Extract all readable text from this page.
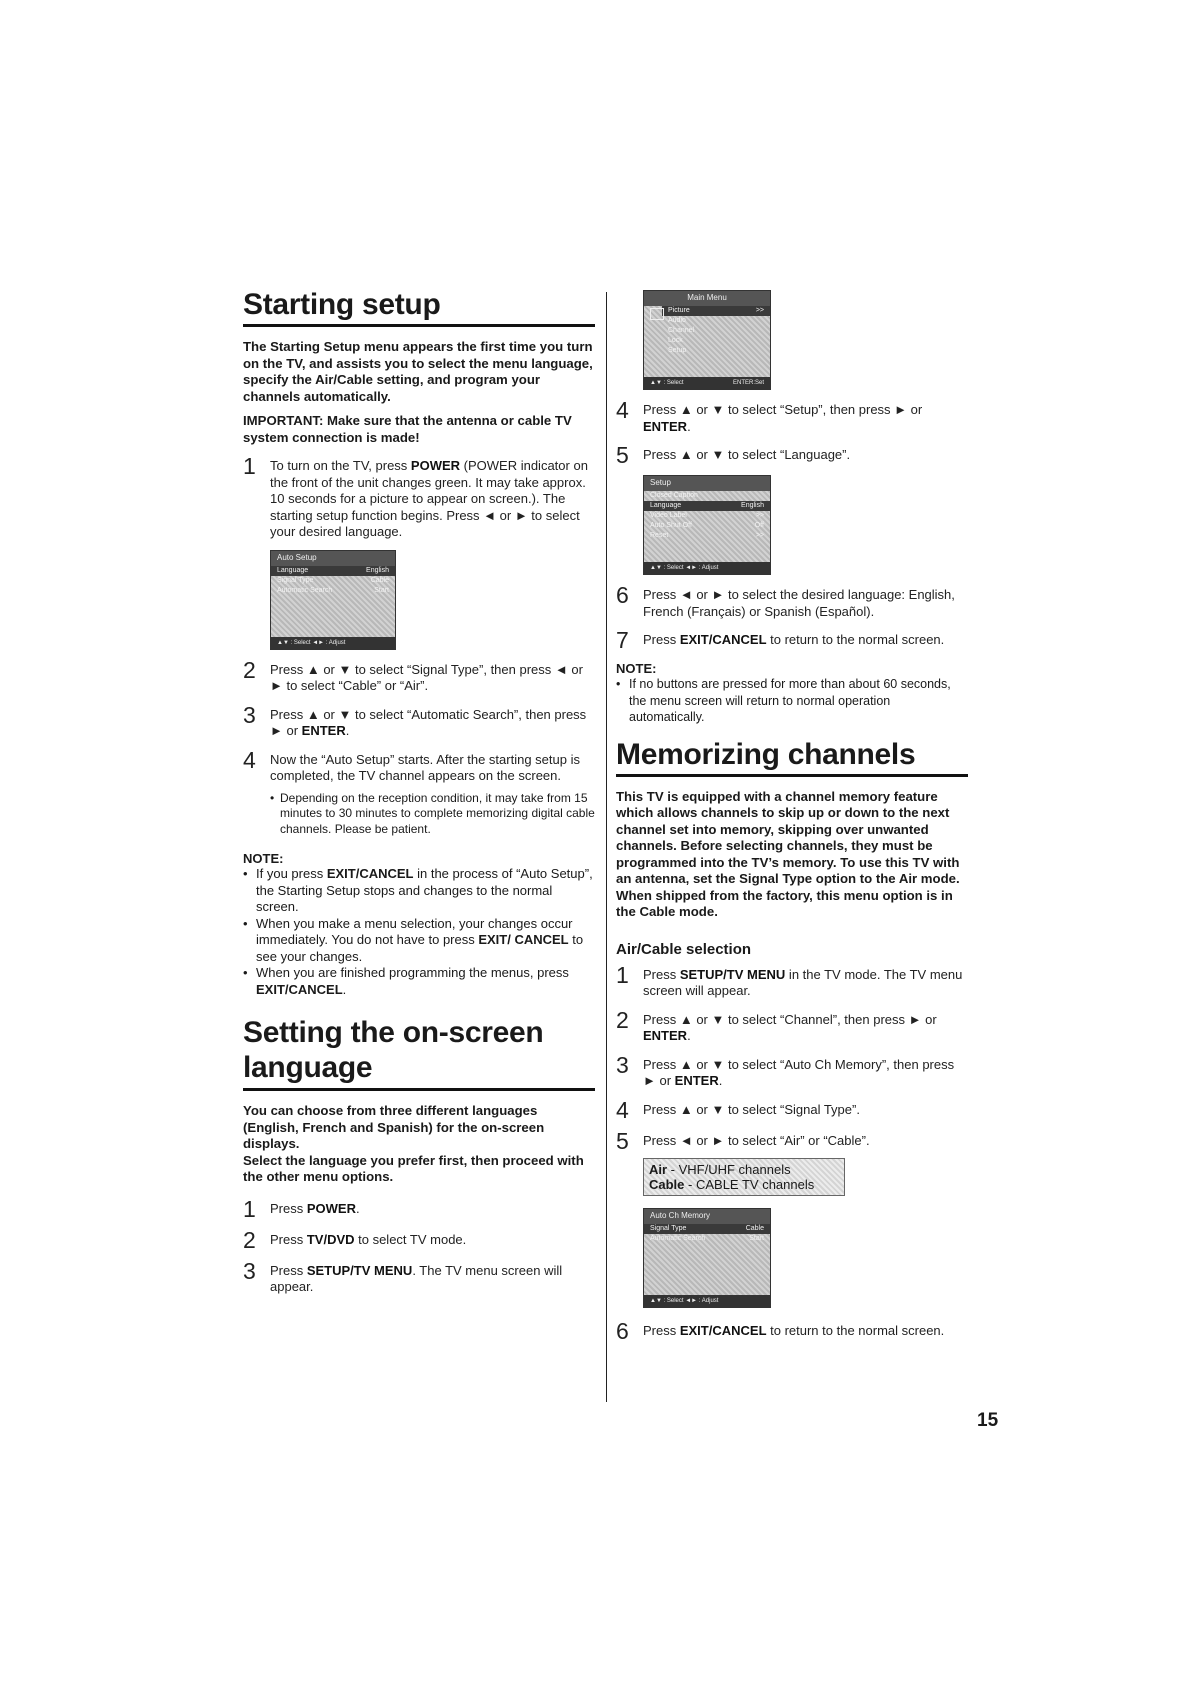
Starting setup

The Starting Setup menu appears the first time you turn on the TV, and assists you to select the menu language, specify the Air/Cable setting, and program your channels automatically.

IMPORTANT: Make sure that the antenna or cable TV system connection is made!

1	To turn on the TV, press POWER (POWER indicator on the front of the unit changes green. It may take approx. 10 seconds for a picture to appear on screen.). The starting setup function begins. Press ◄ or ► to select your desired language.
Auto Setup
Language	English
Signal Type	Cable
Automatic Search	Start
▲▼ : Select ◄► : Adjust
2	Press ▲ or ▼ to select “Signal Type”, then press ◄ or ► to select “Cable” or “Air”.
3	Press ▲ or ▼ to select “Automatic Search”, then press ► or ENTER.
4	Now the “Auto Setup” starts. After the starting setup is completed, the TV channel appears on the screen.
• Depending on the reception condition, it may take from 15 minutes to 30 minutes to complete memorizing digital cable channels. Please be patient.
NOTE:
• If you press EXIT/CANCEL in the process of “Auto Setup”, the Starting Setup stops and changes to the normal screen.
• When you make a menu selection, your changes occur immediately. You do not have to press EXIT/ CANCEL to see your changes.
• When you are finished programming the menus, press EXIT/CANCEL.
Setting the on-screen language

You can choose from three different languages (English, French and Spanish) for the on-screen displays.

Select the language you prefer first, then proceed with the other menu options.

1	Press POWER.
2	Press TV/DVD to select TV mode.
3	Press SETUP/TV MENU. The TV menu screen will appear.
Main Menu
Picture	>>
Audio
Channel
Lock
Setup
▲▼ : Select	ENTER:Set
4	Press ▲ or ▼ to select “Setup”, then press ► or ENTER.
5	Press ▲ or ▼ to select “Language”.
Setup
Closed Caption
Language	English
Video Label	>>
Auto Shut Off	Off
Reset	>>
▲▼ : Select ◄► : Adjust
6	Press ◄ or ► to select the desired language: English, French (Français) or Spanish (Español).
7	Press EXIT/CANCEL to return to the normal screen.
NOTE:
• If no buttons are pressed for more than about 60 seconds, the menu screen will return to normal operation automatically.
Memorizing channels

This TV is equipped with a channel memory feature which allows channels to skip up or down to the next channel set into memory, skipping over unwanted channels. Before selecting channels, they must be programmed into the TV’s memory. To use this TV with an antenna, set the Signal Type option to the Air mode. When shipped from the factory, this menu option is in the Cable mode.

Air/Cable selection
1	Press SETUP/TV MENU in the TV mode. The TV menu screen will appear.
2	Press ▲ or ▼ to select “Channel”, then press ► or ENTER.
3	Press ▲ or ▼ to select “Auto Ch Memory”, then press ► or ENTER.
4	Press ▲ or ▼ to select “Signal Type”.
5	Press ◄ or ► to select “Air” or “Cable”.
Air - VHF/UHF channels
Cable - CABLE TV channels
Auto Ch Memory
Signal Type	Cable
Automatic Search	Start
▲▼ : Select ◄► : Adjust
6	Press EXIT/CANCEL to return to the normal screen.
15
